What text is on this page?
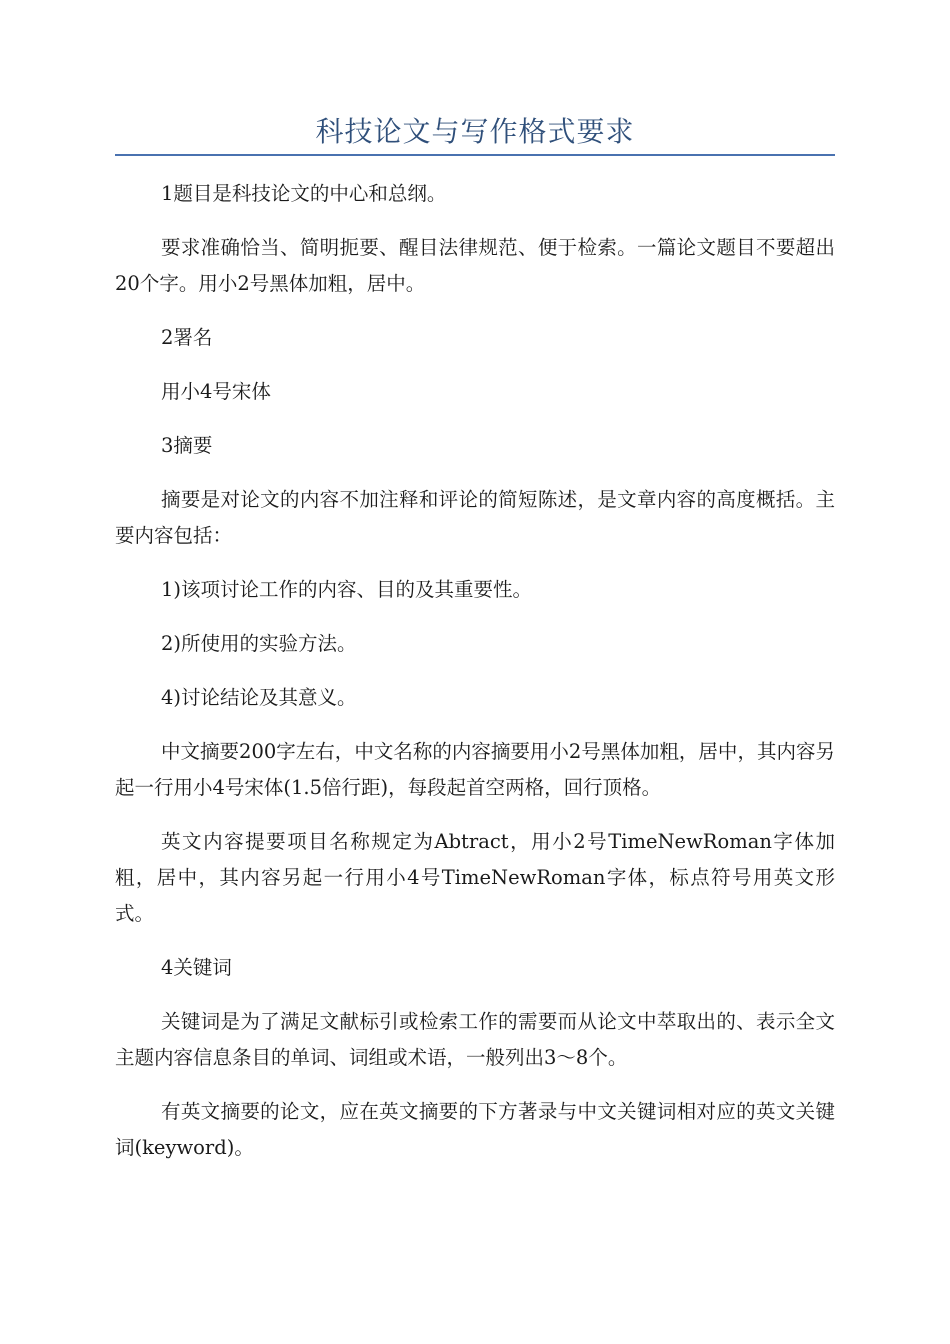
科技论文与写作格式要求

1题目是科技论文的中心和总纲。

要求准确恰当、简明扼要、醒目法律规范、便于检索。一篇论文题目不要超出20个字。用小2号黑体加粗，居中。

2署名

用小4号宋体

3摘要

摘要是对论文的内容不加注释和评论的简短陈述，是文章内容的高度概括。主要内容包括：

1)该项讨论工作的内容、目的及其重要性。

2)所使用的实验方法。

4)讨论结论及其意义。

中文摘要200字左右，中文名称的内容摘要用小2号黑体加粗，居中，其内容另起一行用小4号宋体(1.5倍行距)，每段起首空两格，回行顶格。

英文内容提要项目名称规定为Abtract，用小2号TimeNewRoman字体加粗，居中，其内容另起一行用小4号TimeNewRoman字体，标点符号用英文形式。

4关键词

关键词是为了满足文献标引或检索工作的需要而从论文中萃取出的、表示全文主题内容信息条目的单词、词组或术语，一般列出3～8个。

有英文摘要的论文，应在英文摘要的下方著录与中文关键词相对应的英文关键词(keyword)。
